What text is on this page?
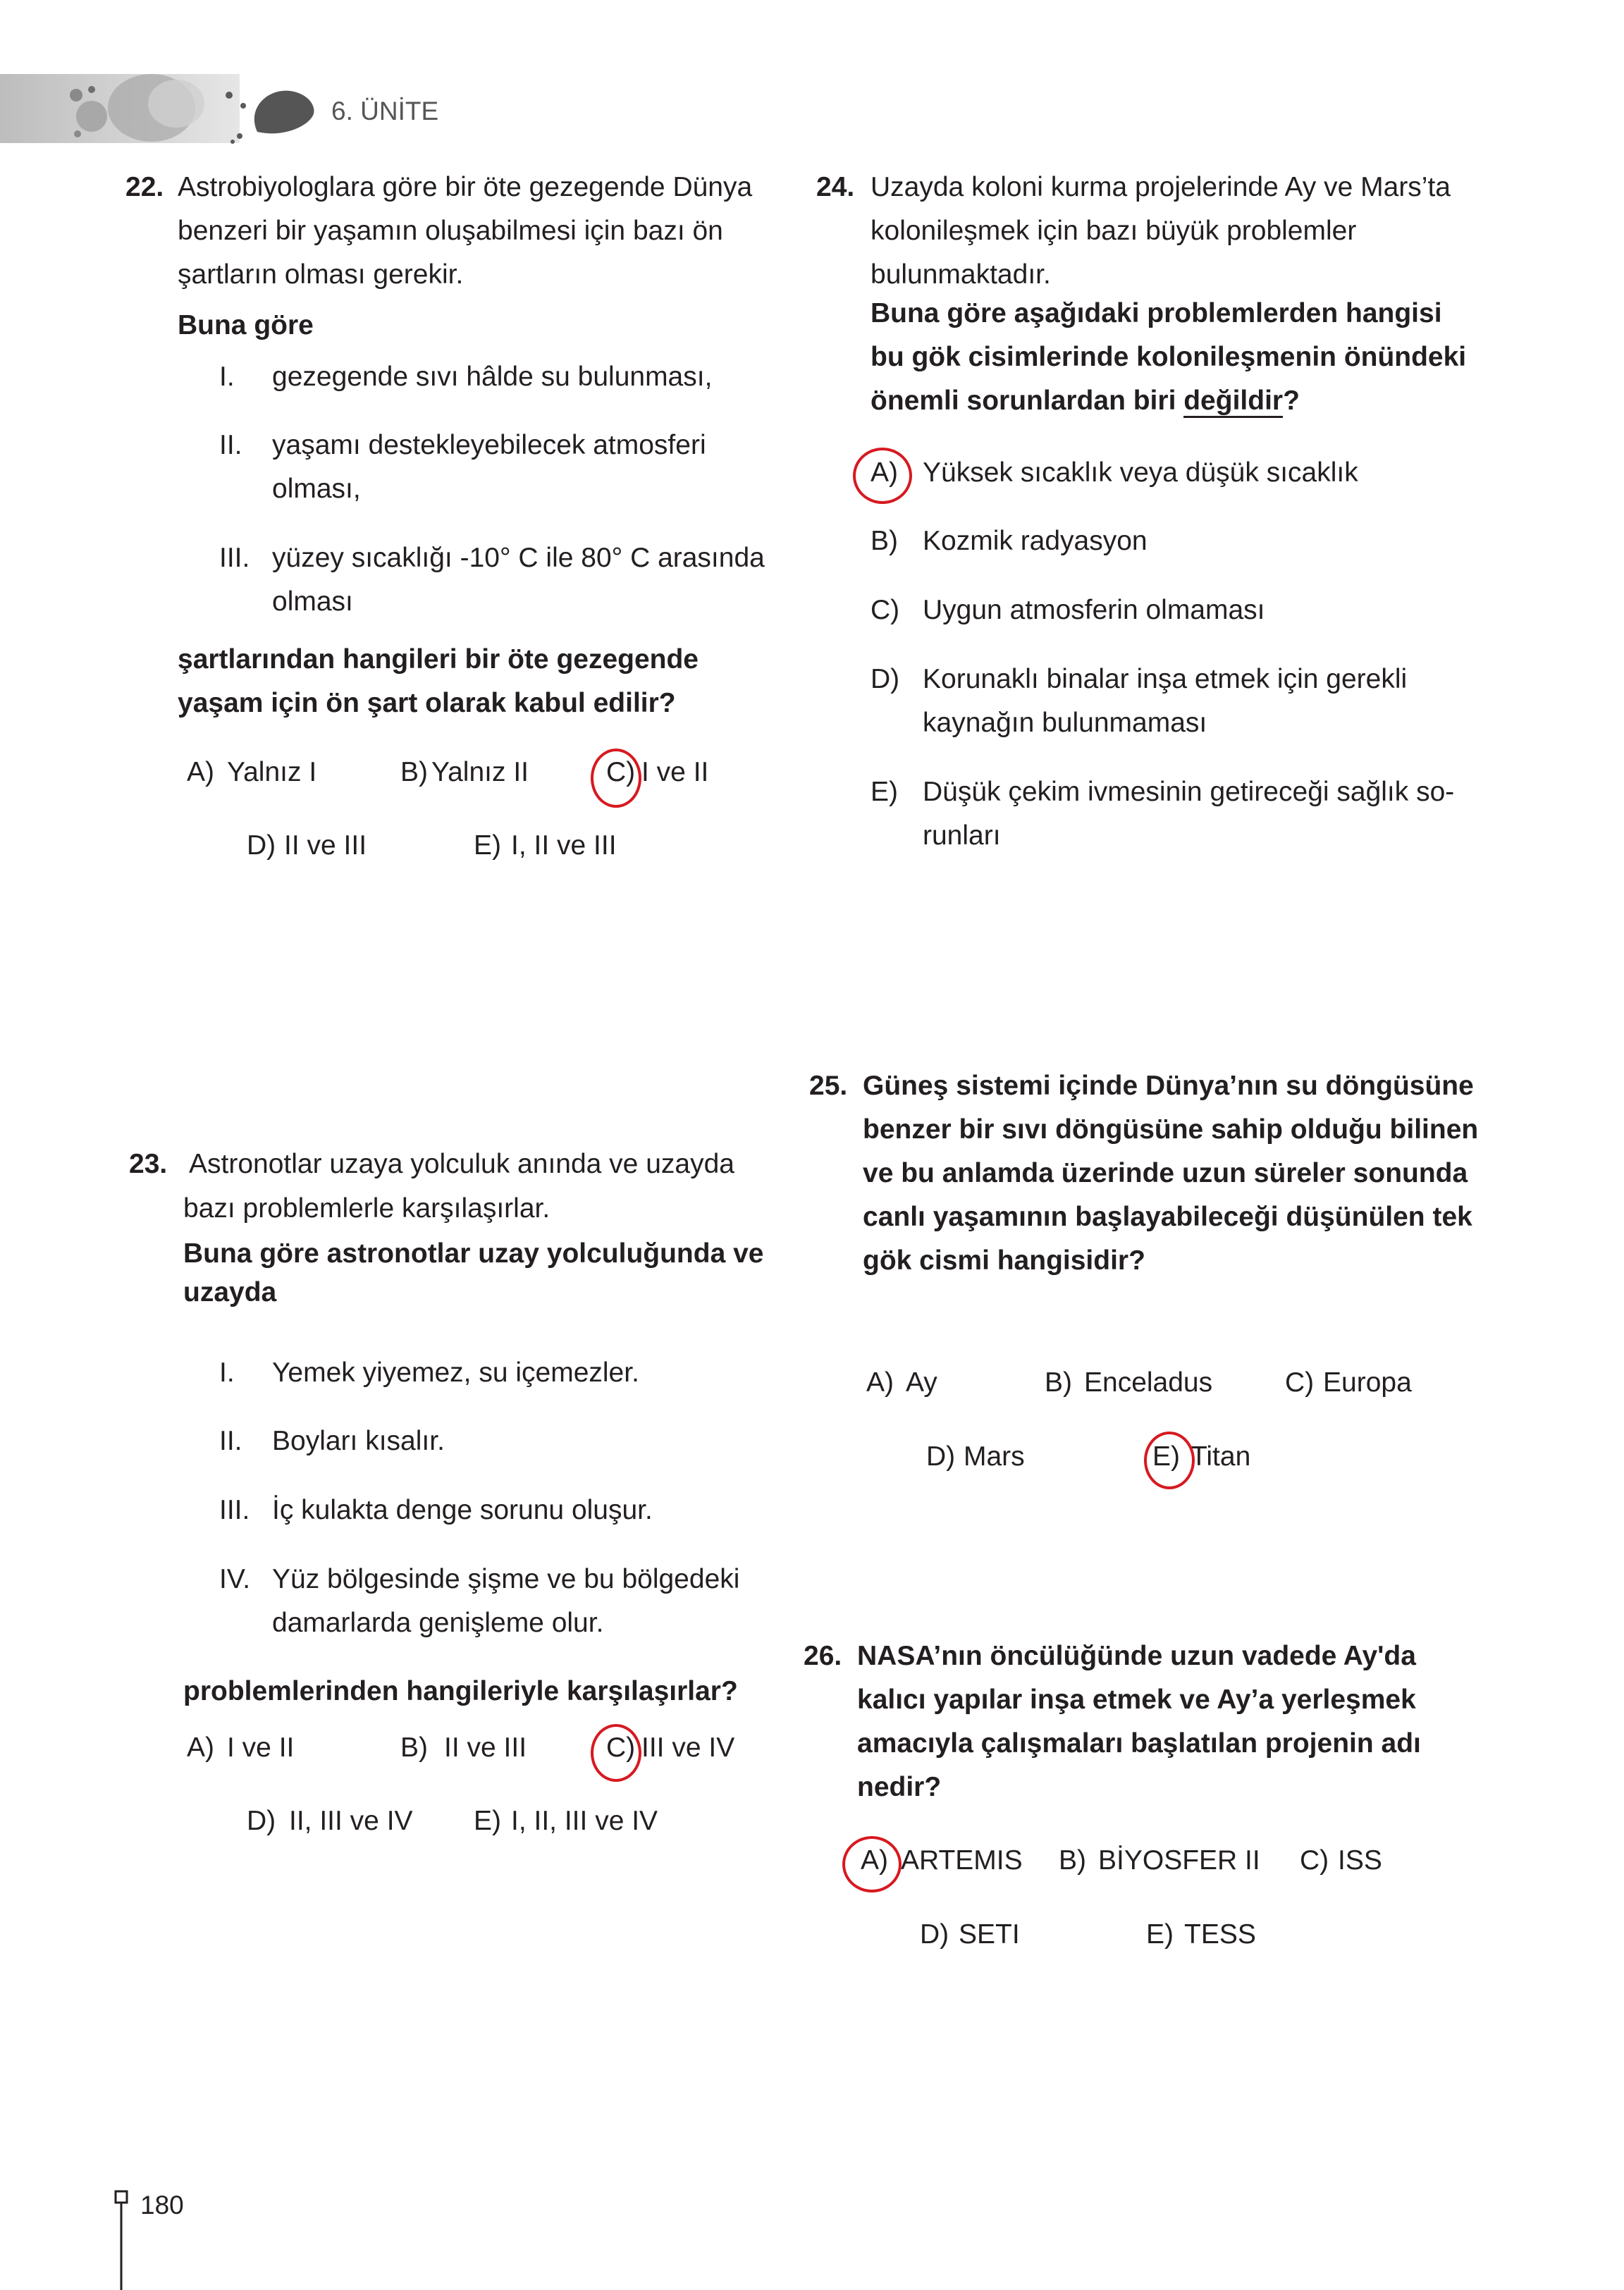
6. ÜNİTE
22. Astrobiyologlara göre bir öte gezegende Dünya
benzeri bir yaşamın oluşabilmesi için bazı ön
şartların olması gerekir.
Buna göre
I. gezegende sıvı hâlde su bulunması,
II. yaşamı destekleyebilecek atmosferi
olması,
III. yüzey sıcaklığı -10° C ile 80° C arasında
olması
şartlarından hangileri bir öte gezegende
yaşam için ön şart olarak kabul edilir?
A) Yalnız I	B) Yalnız II	C) I ve II
D) II ve III	E) I, II ve III
23. Astronotlar uzaya yolculuk anında ve uzayda
bazı problemlerle karşılaşırlar.
Buna göre astronotlar uzay yolculuğunda ve
uzayda
I. Yemek yiyemez, su içemezler.
II. Boyları kısalır.
III. İç kulakta denge sorunu oluşur.
IV. Yüz bölgesinde şişme ve bu bölgedeki
damarlarda genişleme olur.
problemlerinden hangileriyle karşılaşırlar?
A) I ve II	B) II ve III	C) III ve IV
D) II, III ve IV E) I, II, III ve IV
24. Uzayda koloni kurma projelerinde Ay ve Mars’ta
kolonileşmek için bazı büyük problemler
bulunmaktadır.
Buna göre aşağıdaki problemlerden hangisi
bu gök cisimlerinde kolonileşmenin önündeki
önemli sorunlardan biri değildir?
A) Yüksek sıcaklık veya düşük sıcaklık
B) Kozmik radyasyon
C) Uygun atmosferin olmaması
D) Korunaklı binalar inşa etmek için gerekli
kaynağın bulunmaması
E) Düşük çekim ivmesinin getireceği sağlık so-
runları
25. Güneş sistemi içinde Dünya’nın su döngüsüne
benzer bir sıvı döngüsüne sahip olduğu bilinen
ve bu anlamda üzerinde uzun süreler sonunda
canlı yaşamının başlayabileceği düşünülen tek
gök cismi hangisidir?
A) Ay	B) Enceladus	C) Europa
D) Mars	E) Titan
26. NASA’nın öncülüğünde uzun vadede Ay'da
kalıcı yapılar inşa etmek ve Ay’a yerleşmek
amacıyla çalışmaları başlatılan projenin adı
nedir?
A) ARTEMIS B) BİYOSFER II C) ISS
D) SETI	E) TESS
180
